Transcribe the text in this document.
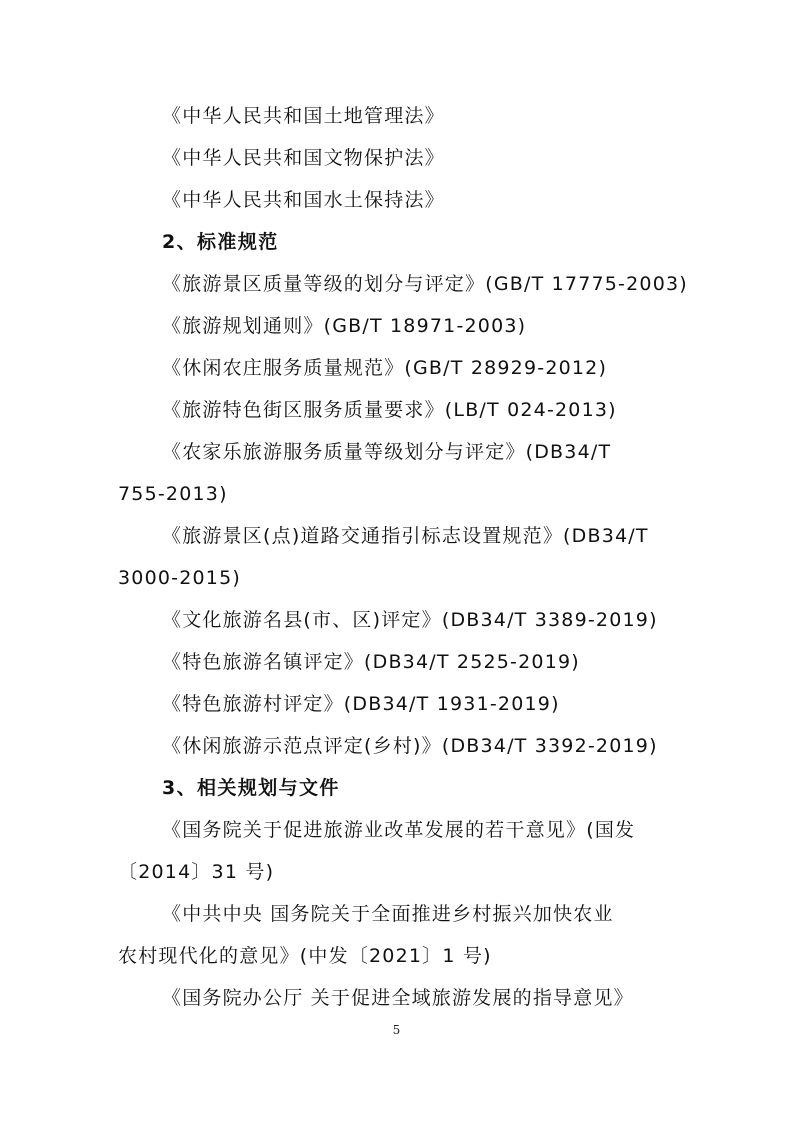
《中华人民共和国土地管理法》
《中华人民共和国文物保护法》
《中华人民共和国水土保持法》
2、标准规范
《旅游景区质量等级的划分与评定》(GB/T 17775-2003)
《旅游规划通则》(GB/T 18971-2003)
《休闲农庄服务质量规范》(GB/T 28929-2012)
《旅游特色街区服务质量要求》(LB/T 024-2013)
《农家乐旅游服务质量等级划分与评定》(DB34/T
755-2013)
《旅游景区(点)道路交通指引标志设置规范》(DB34/T
3000-2015)
《文化旅游名县(市、区)评定》(DB34/T 3389-2019)
《特色旅游名镇评定》(DB34/T 2525-2019)
《特色旅游村评定》(DB34/T 1931-2019)
《休闲旅游示范点评定(乡村)》(DB34/T 3392-2019)
3、相关规划与文件
《国务院关于促进旅游业改革发展的若干意见》(国发
〔2014〕31 号)
《中共中央 国务院关于全面推进乡村振兴加快农业
农村现代化的意见》(中发〔2021〕1 号)
《国务院办公厅 关于促进全域旅游发展的指导意见》
5
